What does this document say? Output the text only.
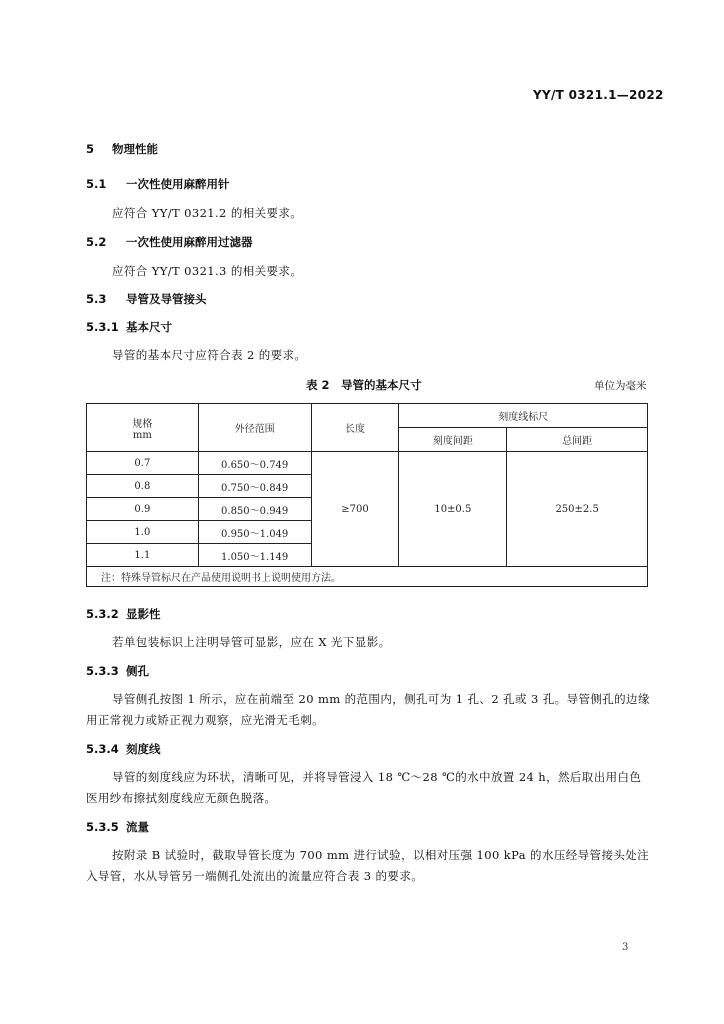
YY/T 0321.1—2022
5 物理性能
5.1 一次性使用麻醉用针
应符合 YY/T 0321.2 的相关要求。
5.2 一次性使用麻醉用过滤器
应符合 YY/T 0321.3 的相关要求。
5.3 导管及导管接头
5.3.1 基本尺寸
导管的基本尺寸应符合表 2 的要求。
表 2　导管的基本尺寸	单位为毫米
规格
mm	外径范围	长度	刻度线标尺	
			刻度间距	总间距
0.7	0.650～0.749	≥700	10±0.5	250±2.5
0.8	0.750～0.849			
0.9	0.850～0.949			
1.0	0.950～1.049			
1.1	1.050～1.149			
注：特殊导管标尺在产品使用说明书上说明使用方法。				
5.3.2 显影性
若单包装标识上注明导管可显影，应在 X 光下显影。
5.3.3 侧孔
导管侧孔按图 1 所示，应在前端至 20 mm 的范围内，侧孔可为 1 孔、2 孔或 3 孔。导管侧孔的边缘
用正常视力或矫正视力观察，应光滑无毛刺。
5.3.4 刻度线
导管的刻度线应为环状，清晰可见，并将导管浸入 18 ℃～28 ℃的水中放置 24 h，然后取出用白色
医用纱布擦拭刻度线应无颜色脱落。
5.3.5 流量
按附录 B 试验时，截取导管长度为 700 mm 进行试验，以相对压强 100 kPa 的水压经导管接头处注
入导管，水从导管另一端侧孔处流出的流量应符合表 3 的要求。
3
